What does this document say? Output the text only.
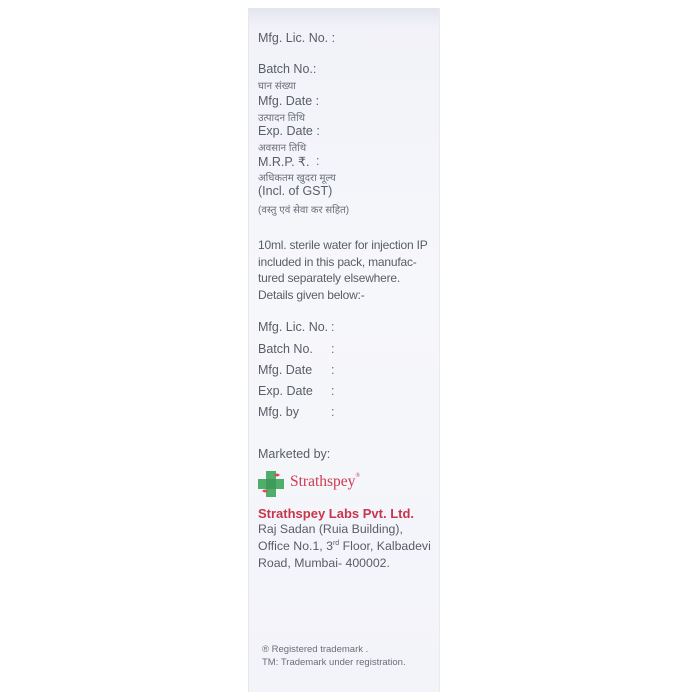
Mfg. Lic. No. :
Batch No.:
घान संख्या
Mfg. Date :
उत्पादन तिथि
Exp. Date :
अवसान तिथि
M.R.P. ₹. :
अधिकतम खुदरा मूल्य
(Incl. of GST)
(वस्तु एवं सेवा कर सहित)
10ml. sterile water for injection IP
included in this pack, manufac-
tured separately elsewhere.
Details given below:-
Mfg. Lic. No. :
Batch No. :
Mfg. Date :
Exp. Date :
Mfg. by	:
Marketed by:
Strathspey®
Strathspey Labs Pvt. Ltd.
Raj Sadan (Ruia Building),
Office No.1, 3rd Floor, Kalbadevi
Road, Mumbai- 400002.
® Registered trademark .
TM: Trademark under registration.
